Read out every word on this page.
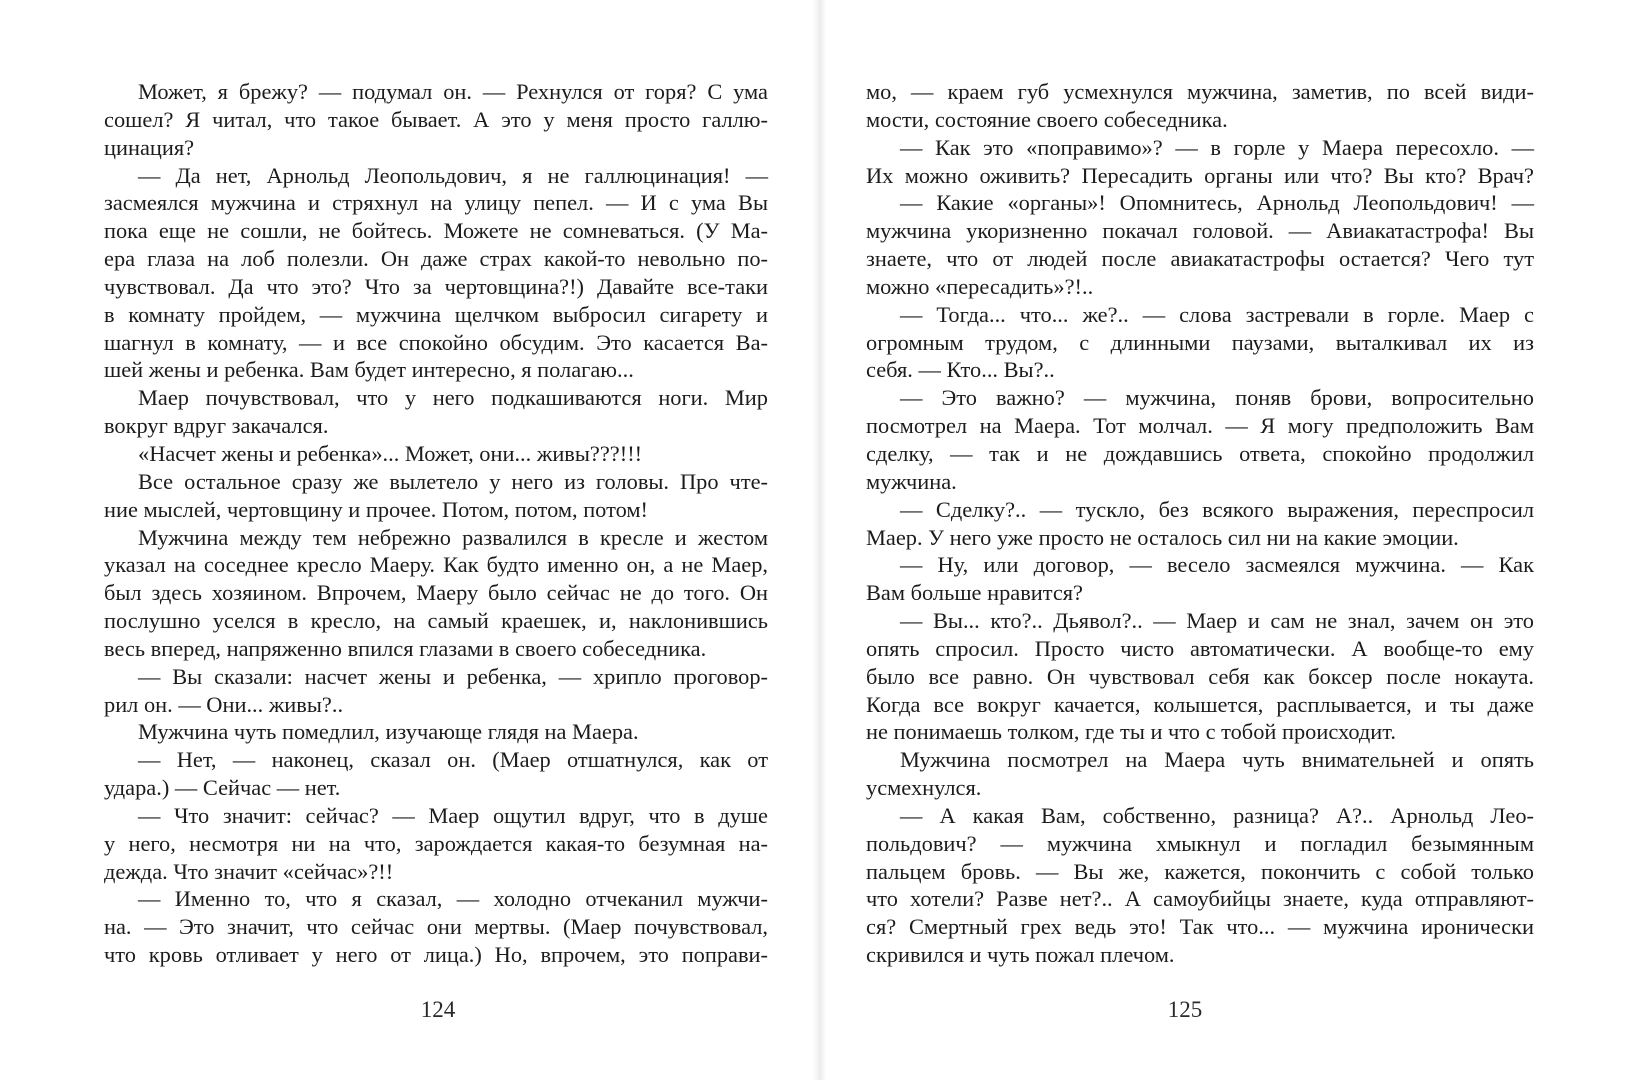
Может, я брежу? — подумал он. — Рехнулся от горя? С ума
сошел? Я читал, что такое бывает. А это у меня просто галлю-
цинация?
— Да нет, Арнольд Леопольдович, я не галлюцинация! —
засмеялся мужчина и стряхнул на улицу пепел. — И с ума Вы
пока еще не сошли, не бойтесь. Можете не сомневаться. (У Ма-
ера глаза на лоб полезли. Он даже страх какой-то невольно по-
чувствовал. Да что это? Что за чертовщина?!) Давайте все-таки
в комнату пройдем, — мужчина щелчком выбросил сигарету и
шагнул в комнату, — и все спокойно обсудим. Это касается Ва-
шей жены и ребенка. Вам будет интересно, я полагаю...
Маер почувствовал, что у него подкашиваются ноги. Мир
вокруг вдруг закачался.
«Насчет жены и ребенка»... Может, они... живы???!!!
Все остальное сразу же вылетело у него из головы. Про чте-
ние мыслей, чертовщину и прочее. Потом, потом, потом!
Мужчина между тем небрежно развалился в кресле и жестом
указал на соседнее кресло Маеру. Как будто именно он, а не Маер,
был здесь хозяином. Впрочем, Маеру было сейчас не до того. Он
послушно уселся в кресло, на самый краешек, и, наклонившись
весь вперед, напряженно впился глазами в своего собеседника.
— Вы сказали: насчет жены и ребенка, — хрипло проговор-
рил он. — Они... живы?..
Мужчина чуть помедлил, изучающе глядя на Маера.
— Нет, — наконец, сказал он. (Маер отшатнулся, как от
удара.) — Сейчас — нет.
— Что значит: сейчас? — Маер ощутил вдруг, что в душе
у него, несмотря ни на что, зарождается какая-то безумная на-
дежда. Что значит «сейчас»?!!
— Именно то, что я сказал, — холодно отчеканил мужчи-
на. — Это значит, что сейчас они мертвы. (Маер почувствовал,
что кровь отливает у него от лица.) Но, впрочем, это поправи-
мо, — краем губ усмехнулся мужчина, заметив, по всей види-
мости, состояние своего собеседника.
— Как это «поправимо»? — в горле у Маера пересохло. —
Их можно оживить? Пересадить органы или что? Вы кто? Врач?
— Какие «органы»! Опомнитесь, Арнольд Леопольдович! —
мужчина укоризненно покачал головой. — Авиакатастрофа! Вы
знаете, что от людей после авиакатастрофы остается? Чего тут
можно «пересадить»?!..
— Тогда... что... же?.. — слова застревали в горле. Маер с
огромным трудом, с длинными паузами, выталкивал их из
себя. — Кто... Вы?..
— Это важно? — мужчина, поняв брови, вопросительно
посмотрел на Маера. Тот молчал. — Я могу предположить Вам
сделку, — так и не дождавшись ответа, спокойно продолжил
мужчина.
— Сделку?.. — тускло, без всякого выражения, переспросил
Маер. У него уже просто не осталось сил ни на какие эмоции.
— Ну, или договор, — весело засмеялся мужчина. — Как
Вам больше нравится?
— Вы... кто?.. Дьявол?.. — Маер и сам не знал, зачем он это
опять спросил. Просто чисто автоматически. А вообще-то ему
было все равно. Он чувствовал себя как боксер после нокаута.
Когда все вокруг качается, колышется, расплывается, и ты даже
не понимаешь толком, где ты и что с тобой происходит.
Мужчина посмотрел на Маера чуть внимательней и опять
усмехнулся.
— А какая Вам, собственно, разница? А?.. Арнольд Лео-
польдович? — мужчина хмыкнул и погладил безымянным
пальцем бровь. — Вы же, кажется, покончить с собой только
что хотели? Разве нет?.. А самоубийцы знаете, куда отправляют-
ся? Смертный грех ведь это! Так что... — мужчина иронически
скривился и чуть пожал плечом.
124	125
